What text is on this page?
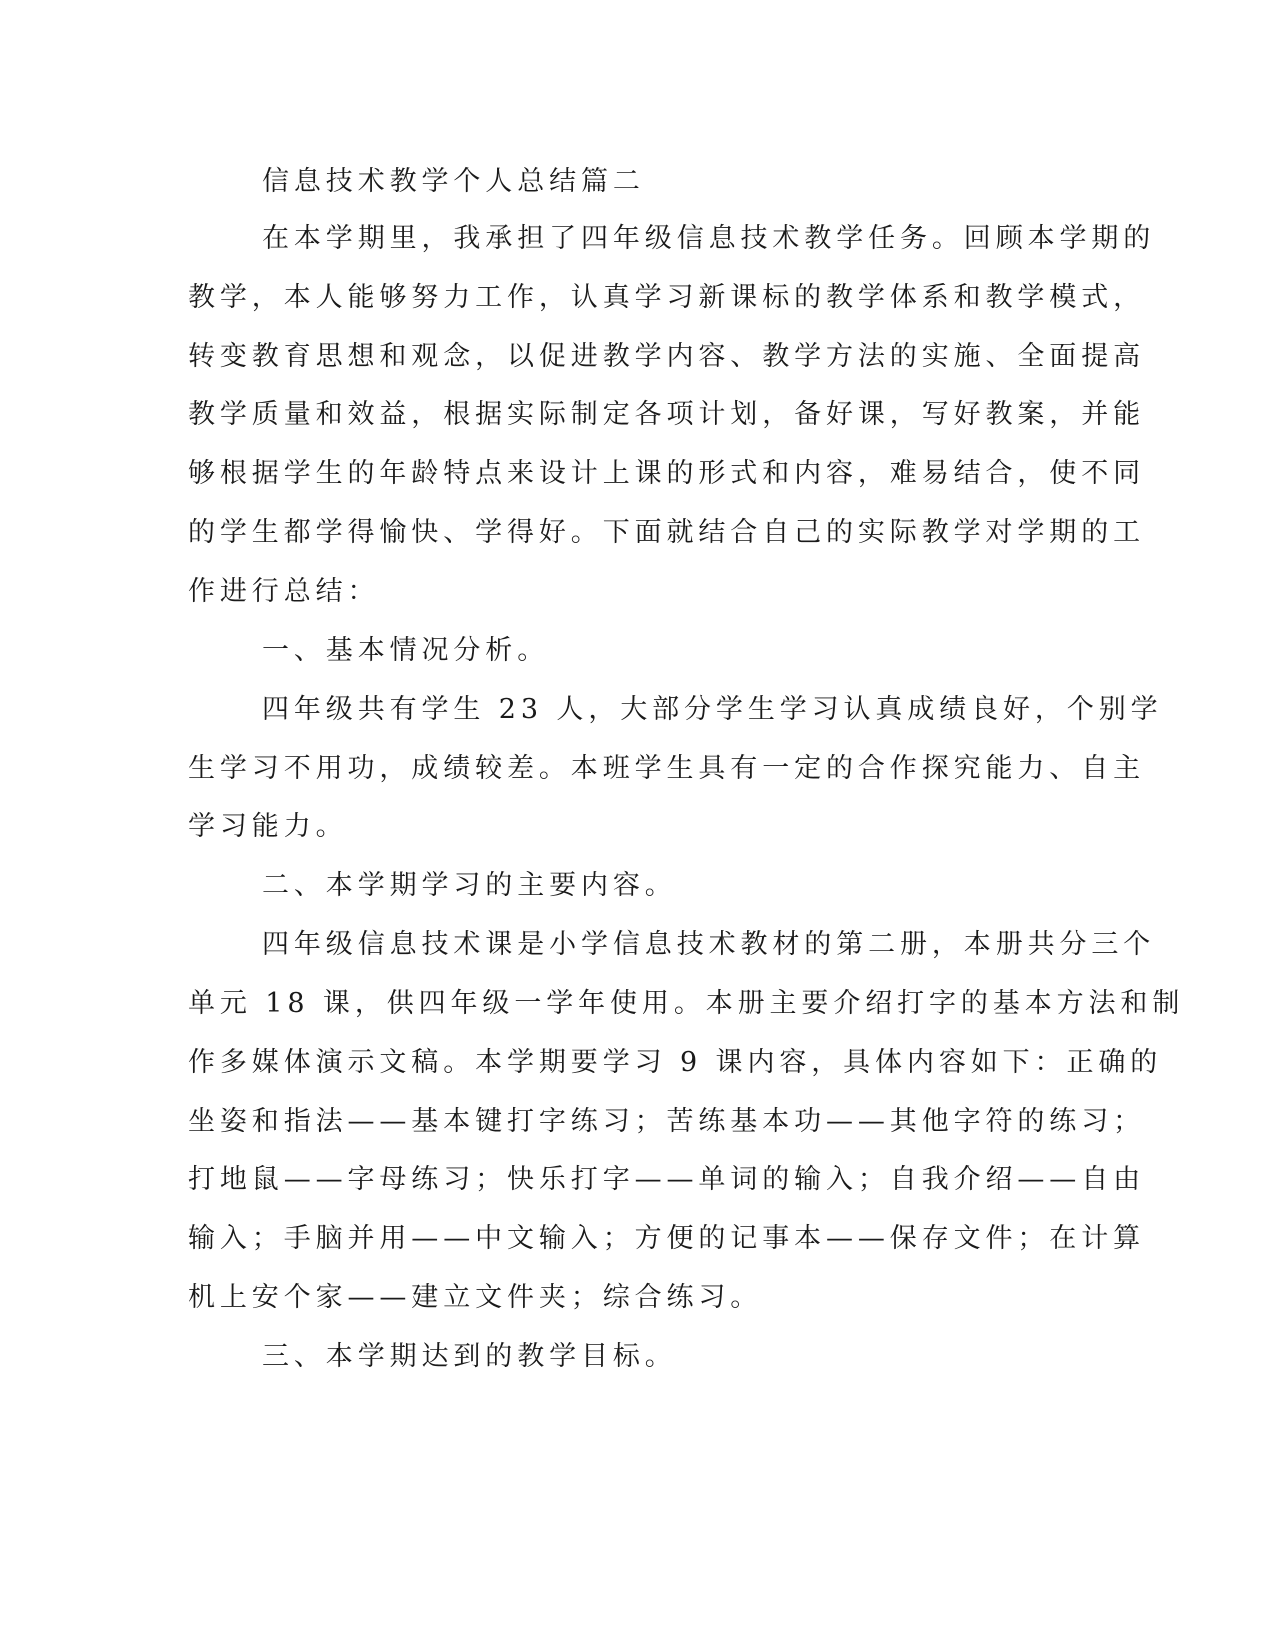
信息技术教学个人总结篇二
在本学期里，我承担了四年级信息技术教学任务。回顾本学期的
教学，本人能够努力工作，认真学习新课标的教学体系和教学模式，
转变教育思想和观念，以促进教学内容、教学方法的实施、全面提高
教学质量和效益，根据实际制定各项计划，备好课，写好教案，并能
够根据学生的年龄特点来设计上课的形式和内容，难易结合，使不同
的学生都学得愉快、学得好。下面就结合自己的实际教学对学期的工
作进行总结：
一、基本情况分析。
四年级共有学生 23 人，大部分学生学习认真成绩良好，个别学
生学习不用功，成绩较差。本班学生具有一定的合作探究能力、自主
学习能力。
二、本学期学习的主要内容。
四年级信息技术课是小学信息技术教材的第二册，本册共分三个
单元 18 课，供四年级一学年使用。本册主要介绍打字的基本方法和制
作多媒体演示文稿。本学期要学习 9 课内容，具体内容如下：正确的
坐姿和指法——基本键打字练习；苦练基本功——其他字符的练习；
打地鼠——字母练习；快乐打字——单词的输入；自我介绍——自由
输入；手脑并用——中文输入；方便的记事本——保存文件；在计算
机上安个家——建立文件夹；综合练习。
三、本学期达到的教学目标。
